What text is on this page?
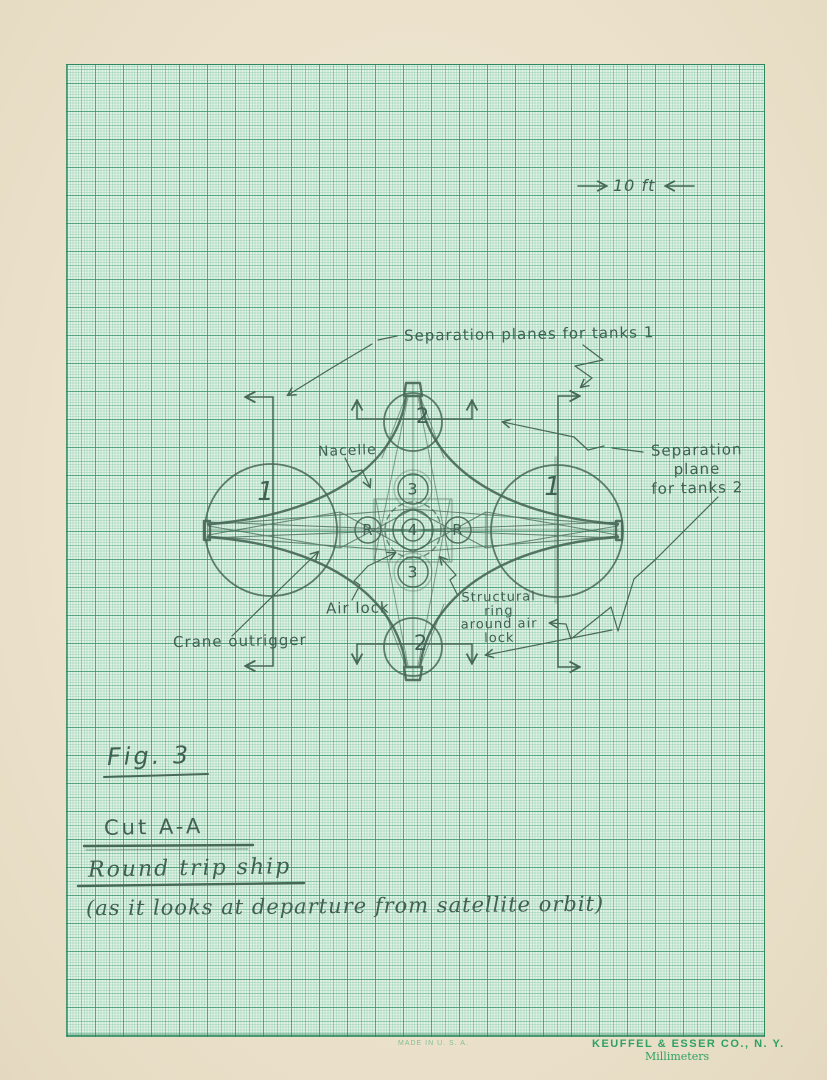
10 ft
Separation planes for tanks 1
Separation
plane
for tanks 2
Nacelle
Air lock
Structural
ring
around air lock
Crane outrigger
1	1
2
2
3
3
4
R	R
Fig. 3
Cut A-A
Round trip ship
(as it looks at departure from satellite orbit)
MADE IN U. S. A.	KEUFFEL & ESSER CO., N. Y.
Millimeters
